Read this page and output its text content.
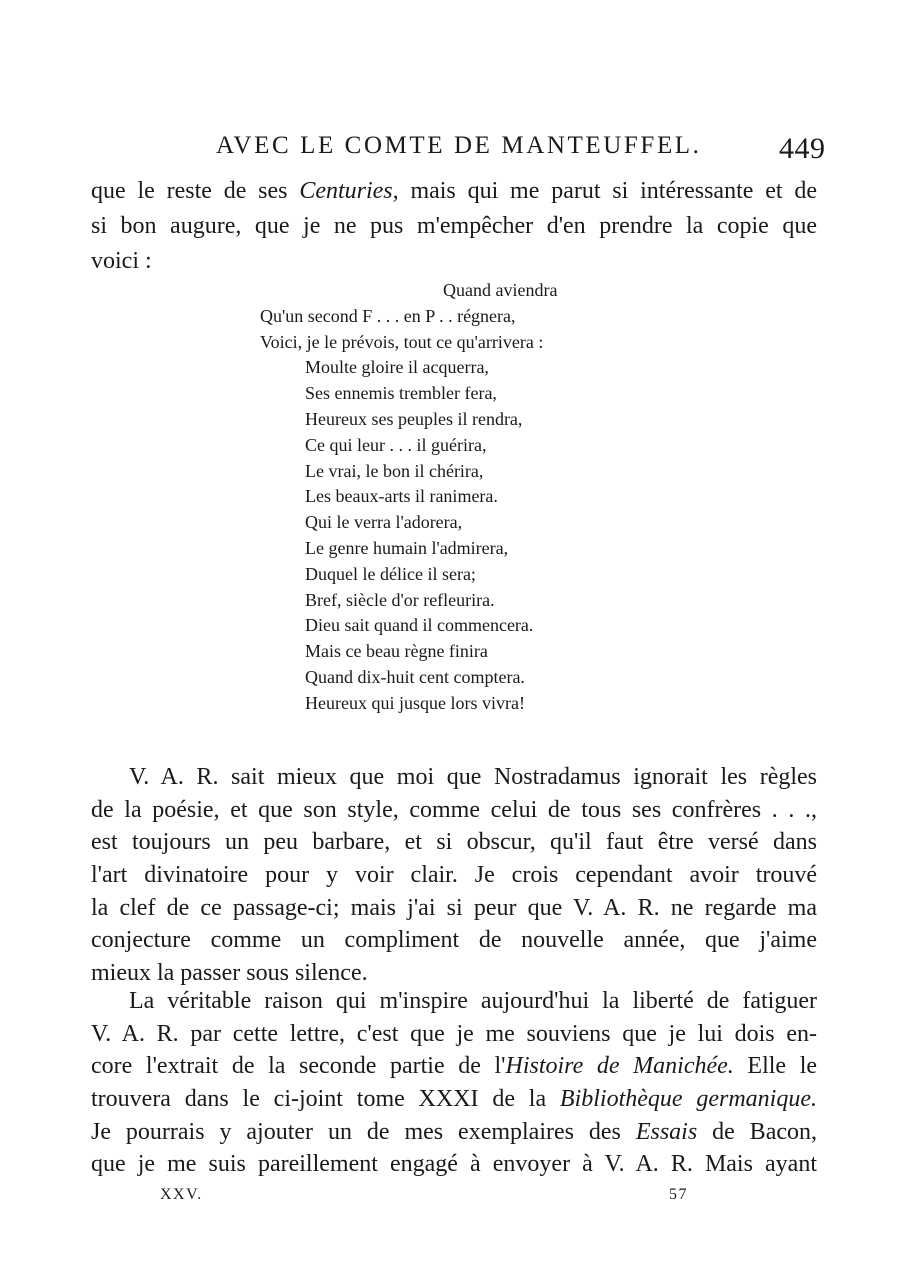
AVEC LE COMTE DE MANTEUFFEL.	449
que le reste de ses Centuries, mais qui me parut si intéressante et de
si bon augure, que je ne pus m'empêcher d'en prendre la copie que
voici :
Quand aviendra
Qu'un second F . . . en P . . régnera,
Voici, je le prévois, tout ce qu'arrivera :
Moulte gloire il acquerra,
Ses ennemis trembler fera,
Heureux ses peuples il rendra,
Ce qui leur . . . il guérira,
Le vrai, le bon il chérira,
Les beaux-arts il ranimera.
Qui le verra l'adorera,
Le genre humain l'admirera,
Duquel le délice il sera;
Bref, siècle d'or refleurira.
Dieu sait quand il commencera.
Mais ce beau règne finira
Quand dix-huit cent comptera.
Heureux qui jusque lors vivra!
V. A. R. sait mieux que moi que Nostradamus ignorait les règles
de la poésie, et que son style, comme celui de tous ses confrères . . .,
est toujours un peu barbare, et si obscur, qu'il faut être versé dans
l'art divinatoire pour y voir clair. Je crois cependant avoir trouvé
la clef de ce passage-ci; mais j'ai si peur que V. A. R. ne regarde ma
conjecture comme un compliment de nouvelle année, que j'aime
mieux la passer sous silence.
La véritable raison qui m'inspire aujourd'hui la liberté de fatiguer
V. A. R. par cette lettre, c'est que je me souviens que je lui dois en-
core l'extrait de la seconde partie de l'Histoire de Manichée. Elle le
trouvera dans le ci-joint tome XXXI de la Bibliothèque germanique.
Je pourrais y ajouter un de mes exemplaires des Essais de Bacon,
que je me suis pareillement engagé à envoyer à V. A. R. Mais ayant
XXV.	57
